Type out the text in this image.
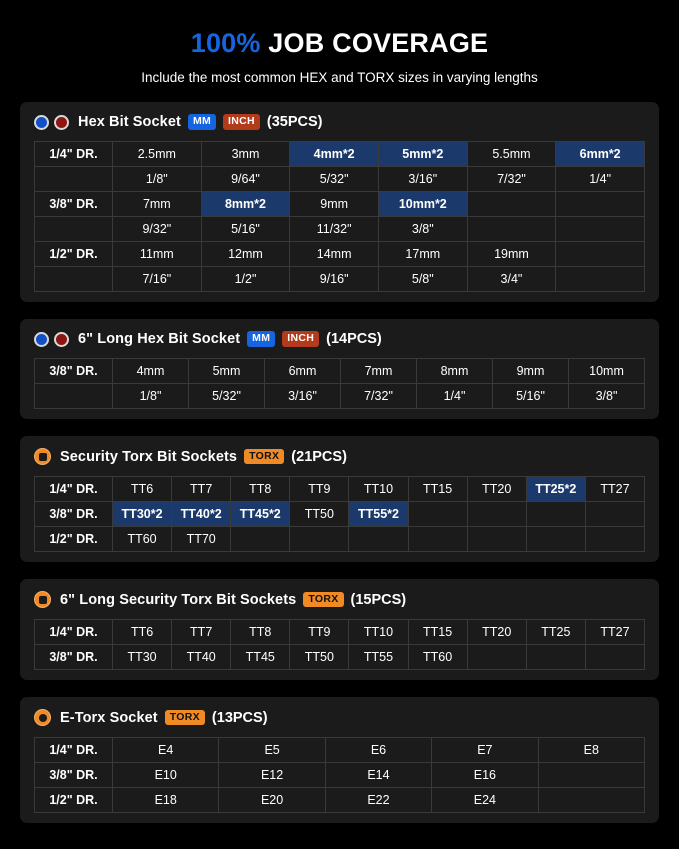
100% JOB COVERAGE
Include the most common HEX and TORX sizes in varying lengths
Hex Bit Socket	MM	INCH (35PCS)
1/4" DR.	2.5mm	3mm	4mm*2	5mm*2	5.5mm	6mm*2
	1/8"	9/64"	5/32"	3/16"	7/32"	1/4"
3/8" DR.	7mm	8mm*2	9mm	10mm*2		
	9/32"	5/16"	11/32"	3/8"		
1/2" DR.	11mm	12mm	14mm	17mm	19mm	
	7/16"	1/2"	9/16"	5/8"	3/4"	
6" Long Hex Bit Socket	MM	INCH (14PCS)
3/8" DR.	4mm	5mm	6mm	7mm	8mm	9mm	10mm
	1/8"	5/32"	3/16"	7/32"	1/4"	5/16"	3/8"
Security Torx Bit Sockets	TORX (21PCS)
1/4" DR.	TT6	TT7	TT8	TT9	TT10	TT15	TT20	TT25*2	TT27
3/8" DR.	TT30*2	TT40*2	TT45*2	TT50	TT55*2				
1/2" DR.	TT60	TT70							
6" Long Security Torx Bit Sockets	TORX (15PCS)
1/4" DR.	TT6	TT7	TT8	TT9	TT10	TT15	TT20	TT25	TT27
3/8" DR.	TT30	TT40	TT45	TT50	TT55	TT60			
E-Torx Socket	TORX (13PCS)
1/4" DR.	E4	E5	E6	E7	E8
3/8" DR.	E10	E12	E14	E16	
1/2" DR.	E18	E20	E22	E24	
